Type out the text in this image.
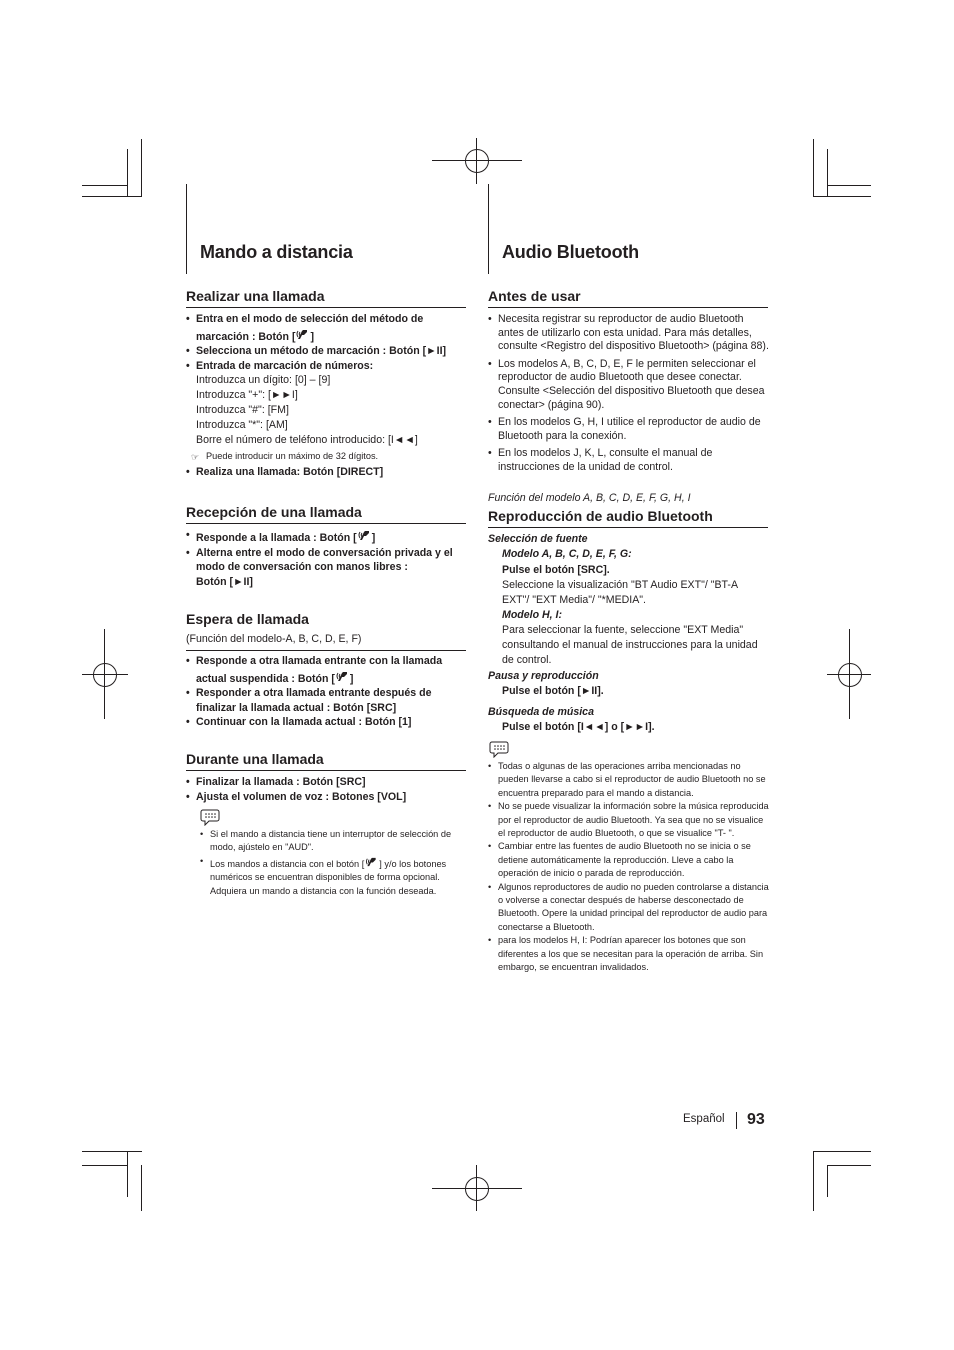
Mando a distancia
Realizar una llamada
• Entra en el modo de selección del método de marcación : Botón [ ]
• Selecciona un método de marcación : Botón [►II]
• Entrada de marcación de números:
Introduzca un dígito: [0] – [9]
Introduzca "+": [►►I]
Introduzca "#": [FM]
Introduzca "*": [AM]
Borre el número de teléfono introducido: [I◄◄]
☞ Puede introducir un máximo de 32 dígitos.
• Realiza una llamada: Botón [DIRECT]
Recepción de una llamada
• Responde a la llamada : Botón [ ]
• Alterna entre el modo de conversación privada y el modo de conversación con manos libres :
Botón [►II]
Espera de llamada
(Función del modelo-A, B, C, D, E, F)
• Responde a otra llamada entrante con la llamada actual suspendida : Botón [ ]
• Responder a otra llamada entrante después de finalizar la llamada actual : Botón [SRC]
• Continuar con la llamada actual : Botón [1]
Durante una llamada
• Finalizar la llamada : Botón [SRC]
• Ajusta el volumen de voz : Botones [VOL]
• Si el mando a distancia tiene un interruptor de selección de modo, ajústelo en "AUD".
• Los mandos a distancia con el botón [ ] y/o los botones numéricos se encuentran disponibles de forma opcional. Adquiera un mando a distancia con la función deseada.
Audio Bluetooth
Antes de usar
• Necesita registrar su reproductor de audio Bluetooth antes de utilizarlo con esta unidad. Para más detalles, consulte <Registro del dispositivo Bluetooth> (página 88).
• Los modelos A, B, C, D, E, F le permiten seleccionar el reproductor de audio Bluetooth que desee conectar. Consulte <Selección del dispositivo Bluetooth que desea conectar> (página 90).
• En los modelos G, H, I utilice el reproductor de audio de Bluetooth para la conexión.
• En los modelos J, K, L, consulte el manual de instrucciones de la unidad de control.
Función del modelo A, B, C, D, E, F, G, H, I
Reproducción de audio Bluetooth
Selección de fuente
Modelo A, B, C, D, E, F, G:
Pulse el botón [SRC].
Seleccione la visualización "BT Audio EXT"/ "BT-A EXT"/ "EXT Media"/ "*MEDIA".
Modelo H, I:
Para seleccionar la fuente, seleccione "EXT Media" consultando el manual de instrucciones para la unidad de control.
Pausa y reproducción
Pulse el botón [►II].
Búsqueda de música
Pulse el botón [I◄◄] o [►►I].
• Todas o algunas de las operaciones arriba mencionadas no pueden llevarse a cabo si el reproductor de audio Bluetooth no se encuentra preparado para el mando a distancia.
• No se puede visualizar la información sobre la música reproducida por el reproductor de audio Bluetooth. Ya sea que no se visualice el reproductor de audio Bluetooth, o que se visualice "T- ".
• Cambiar entre las fuentes de audio Bluetooth no se inicia o se detiene automáticamente la reproducción. Lleve a cabo la operación de inicio o parada de reproducción.
• Algunos reproductores de audio no pueden controlarse a distancia o volverse a conectar después de haberse desconectado de Bluetooth. Opere la unidad principal del reproductor de audio para conectarse a Bluetooth.
• para los modelos H, I: Podrían aparecer los botones que son diferentes a los que se necesitan para la operación de arriba. Sin embargo, se encuentran invalidados.
Español 93
